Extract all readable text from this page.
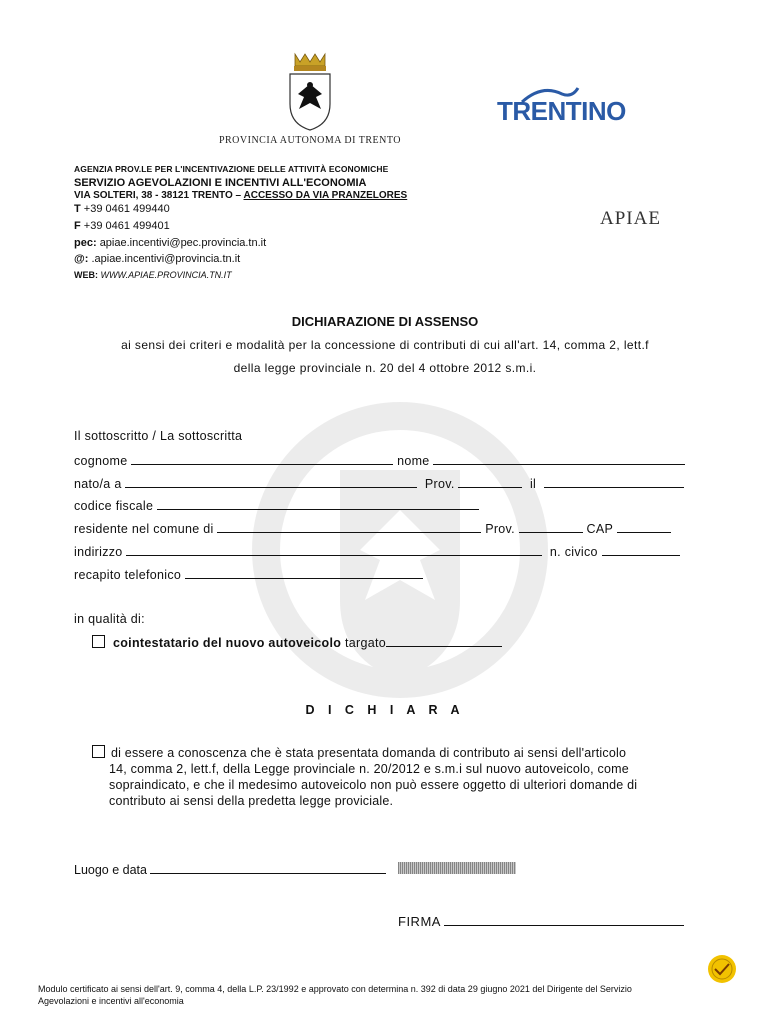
PROVINCIA AUTONOMA DI TRENTO
TRENTINO
APIAE
AGENZIA PROV.LE PER L'INCENTIVAZIONE DELLE ATTIVITÀ ECONOMICHE
SERVIZIO AGEVOLAZIONI E INCENTIVI ALL'ECONOMIA
VIA SOLTERI, 38 - 38121 TRENTO – ACCESSO DA VIA PRANZELORES
T +39 0461 499440
F +39 0461 499401
pec: apiae.incentivi@pec.provincia.tn.it
@: .apiae.incentivi@provincia.tn.it
WEB: WWW.APIAE.PROVINCIA.TN.IT
DICHIARAZIONE DI ASSENSO
ai sensi dei criteri e modalità per la concessione di contributi di cui all'art. 14, comma 2, lett.f
della legge provinciale n. 20 del 4 ottobre 2012 s.m.i.
Il sottoscritto / La sottoscritta
cognome	nome
nato/a a	Prov.	il
codice fiscale
residente nel comune di	Prov.	CAP
indirizzo	n. civico
recapito telefonico
in qualità di:
cointestatario del nuovo autoveicolo targato
D I C H I A R A
di essere a conoscenza che è stata presentata domanda di contributo ai sensi dell'articolo
14, comma 2, lett.f, della Legge provinciale n. 20/2012 e s.m.i sul nuovo autoveicolo, come
sopraindicato, e che il medesimo autoveicolo non può essere oggetto di ulteriori domande di
contributo ai sensi della predetta legge proviciale.
Luogo e data
FIRMA
Modulo certificato ai sensi dell'art. 9, comma 4, della L.P. 23/1992 e approvato con determina n. 392 di data 29 giugno 2021 del Dirigente del Servizio
Agevolazioni e incentivi all'economia
